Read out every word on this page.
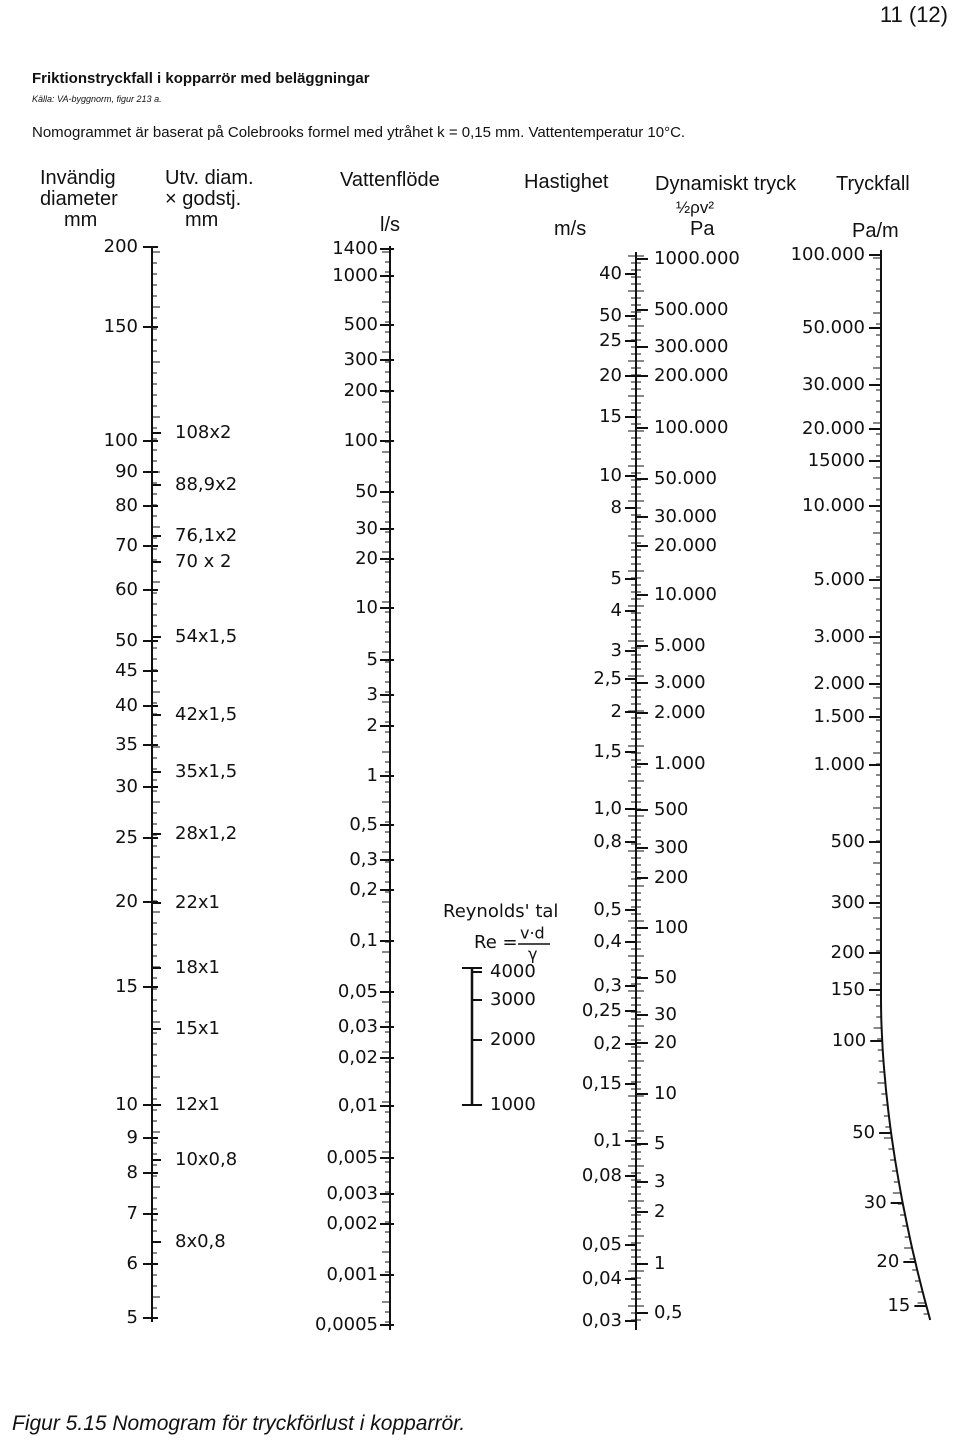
11 (12)
Friktionstryckfall i kopparrör med beläggningar
Källa: VA-byggnorm, figur 213 a.
Nomogrammet är baserat på Colebrooks formel med ytråhet k = 0,15 mm. Vattentemperatur 10°C.
Invändig
diameter
mm
Utv. diam.
× godstj.
mm
Vattenflöde
l/s
Hastighet
m/s
Dynamiskt tryck
½ρv²
Pa
Tryckfall
Pa/m
200
150
100
90
80
70
60
50
45
40
35
30
25
20
15
10
9
8
7
6
5
108x2
88,9x2
76,1x2
70 x 2
54x1,5
42x1,5
35x1,5
28x1,2
22x1
18x1
15x1
12x1
10x0,8
8x0,8
1400
1000
500
300
200
100
50
30
20
10
5
3
2
1
0,5
0,3
0,2
0,1
0,05
0,03
0,02
0,01
0,005
0,003
0,002
0,001
0,0005
40
50
25
20
15
10
8
5
4
3
2,5
2
1,5
1,0
0,8
0,5
0,4
0,3
0,25
0,2
0,15
0,1
0,08
0,05
0,04
0,03
1000.000
500.000
300.000
200.000
100.000
50.000
30.000
20.000
10.000
5.000
3.000
2.000
1.000
500
300
200
100
50
30
20
10
5
3
2
1
0,5
100.000
50.000
30.000
20.000
15000
10.000
5.000
3.000
2.000
1.500
1.000
500
300
200
150
100
50
30
20
15
Reynolds' tal
Re = v·d
γ
4000
3000
2000
1000
Figur 5.15 Nomogram för tryckförlust i kopparrör.
